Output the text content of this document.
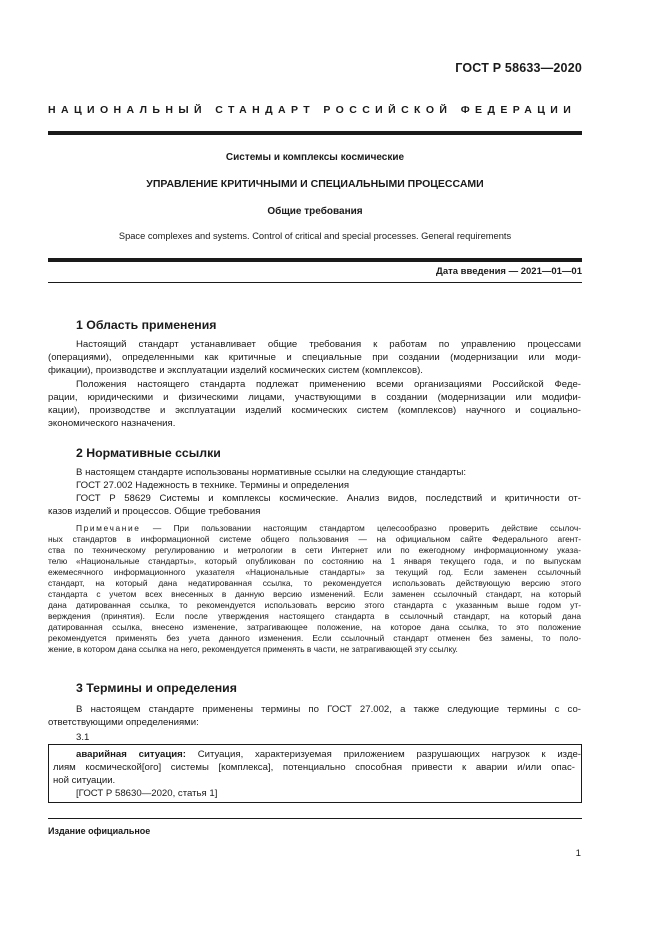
ГОСТ Р 58633—2020
НАЦИОНАЛЬНЫЙ СТАНДАРТ РОССИЙСКОЙ ФЕДЕРАЦИИ
Системы и комплексы космические
УПРАВЛЕНИЕ КРИТИЧНЫМИ И СПЕЦИАЛЬНЫМИ ПРОЦЕССАМИ
Общие требования
Space complexes and systems. Control of critical and special processes. General requirements
Дата введения — 2021—01—01
1 Область применения
Настоящий стандарт устанавливает общие требования к работам по управлению процессами
(операциями), определенными как критичные и специальные при создании (модернизации или моди-
фикации), производстве и эксплуатации изделий космических систем (комплексов).
Положения настоящего стандарта подлежат применению всеми организациями Российской Феде-
рации, юридическими и физическими лицами, участвующими в создании (модернизации или модифи-
кации), производстве и эксплуатации изделий космических систем (комплексов) научного и социально-
экономического назначения.
2 Нормативные ссылки
В настоящем стандарте использованы нормативные ссылки на следующие стандарты:
ГОСТ 27.002 Надежность в технике. Термины и определения
ГОСТ Р 58629 Системы и комплексы космические. Анализ видов, последствий и критичности от-
казов изделий и процессов. Общие требования
Примечание — При пользовании настоящим стандартом целесообразно проверить действие ссылоч-
ных стандартов в информационной системе общего пользования — на официальном сайте Федерального агент-
ства по техническому регулированию и метрологии в сети Интернет или по ежегодному информационному указа-
телю «Национальные стандарты», который опубликован по состоянию на 1 января текущего года, и по выпускам
ежемесячного информационного указателя «Национальные стандарты» за текущий год. Если заменен ссылочный
стандарт, на который дана недатированная ссылка, то рекомендуется использовать действующую версию этого
стандарта с учетом всех внесенных в данную версию изменений. Если заменен ссылочный стандарт, на который
дана датированная ссылка, то рекомендуется использовать версию этого стандарта с указанным выше годом ут-
верждения (принятия). Если после утверждения настоящего стандарта в ссылочный стандарт, на который дана
датированная ссылка, внесено изменение, затрагивающее положение, на которое дана ссылка, то это положение
рекомендуется применять без учета данного изменения. Если ссылочный стандарт отменен без замены, то поло-
жение, в котором дана ссылка на него, рекомендуется применять в части, не затрагивающей эту ссылку.
3 Термины и определения
В настоящем стандарте применены термины по ГОСТ 27.002, а также следующие термины с со-
ответствующими определениями:
3.1
аварийная ситуация: Ситуация, характеризуемая приложением разрушающих нагрузок к изде-
лиям космической[ого] системы [комплекса], потенциально способная привести к аварии и/или опас-
ной ситуации.
[ГОСТ Р 58630—2020, статья 1]
Издание официальное
1
